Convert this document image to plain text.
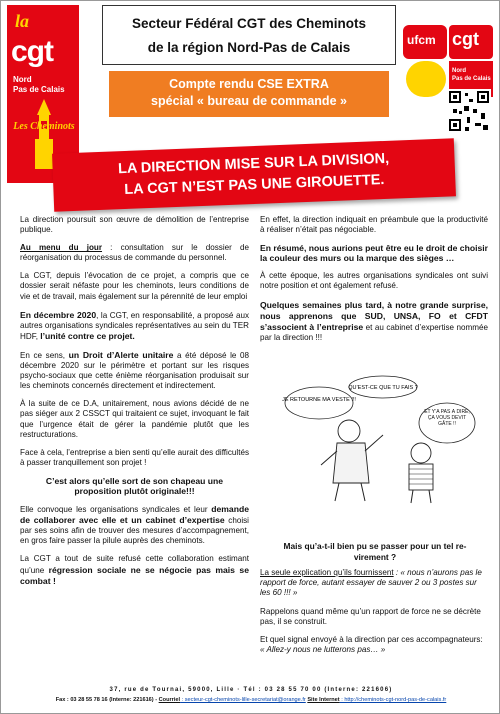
la
cgt
Nord
Pas de Calais
Les Cheminots
Secteur Fédéral CGT des Cheminots
de la région Nord-Pas de Calais
Compte rendu CSE EXTRA
spécial « bureau de commande »
ufcm cgt
Nord
Pas de Calais
LA DIRECTION MISE SUR LA DIVISION,
LA CGT N’EST PAS UNE GIROUETTE.

La direction poursuit son œuvre de démolition de l’entreprise publique.

Au menu du jour : consultation sur le dossier de réorganisation du processus de commande du personnel.

La CGT, depuis l’évocation de ce projet, a compris que ce dossier serait néfaste pour les cheminots, leurs conditions de vie et de travail, mais également sur la pérennité de leur emploi

En décembre 2020, la CGT, en responsabilité, a proposé aux autres organisations syndicales représentatives au sein du TER HDF, l’unité contre ce projet.

En ce sens, un Droit d’Alerte unitaire a été déposé le 08 décembre 2020 sur le périmètre et portant sur les risques psycho-sociaux que cette énième réorganisation produisait sur les cheminots concernés directement et indirectement.

À la suite de ce D.A, unitairement, nous avions décidé de ne pas siéger aux 2 CSSCT qui traitaient ce sujet, invoquant le fait que l’urgence était de gérer la pandémie plutôt que les restructurations.

Face à cela, l’entreprise a bien senti qu’elle aurait des difficultés à passer tranquillement son projet !

C’est alors qu’elle sort de son chapeau une
proposition plutôt originale!!!

Elle convoque les organisations syndicales et leur demande de collaborer avec elle et un cabinet d’expertise choisi par ses soins afin de trouver des mesures d’accompagnement, en gros faire passer la pilule auprès des cheminots.

La CGT a tout de suite refusé cette collaboration estimant qu’une régression sociale ne se négocie pas mais se combat !

En effet, la direction indiquait en préambule que la productivité à réaliser n’était pas négociable.

En résumé, nous aurions peut être eu le droit de choisir la couleur des murs ou la marque des sièges …

À cette époque, les autres organisations syndicales ont suivi notre position et ont également refusé.

Quelques semaines plus tard, à notre grande surprise, nous apprenons que SUD, UNSA, FO et CFDT s’associent à l’entreprise et au cabinet d’expertise nommée par la direction !!!

JE RETOURNE MA VESTE !!!
QU’EST-CE QUE TU FAIS ?
ET Y’A PAS À DIRE, ÇA VOUS DEVIT GÂTE !!
Mais qu’a-t-il bien pu se passer pour un tel re-
virement ?

La seule explication qu’ils fournissent : « nous n’aurons pas le rapport de force, autant essayer de sauver 2 ou 3 postes sur les 60 !!! »

Rappelons quand même qu’un rapport de force ne se décrète pas, il se construit.

Et quel signal envoyé à la direction par ces accompagnateurs: « Allez-y nous ne lutterons pas… »

37, rue de Tournai, 59000, Lille · Tél : 03 28 55 70 00 (Interne: 221606)
Fax : 03 28 55 78 16 (Interne: 221616) - Courriel : secteur-cgt-cheminots-lille-secretariat@orange.fr Site Internet : http://cheminots-cgt-nord-pas-de-calais.fr
